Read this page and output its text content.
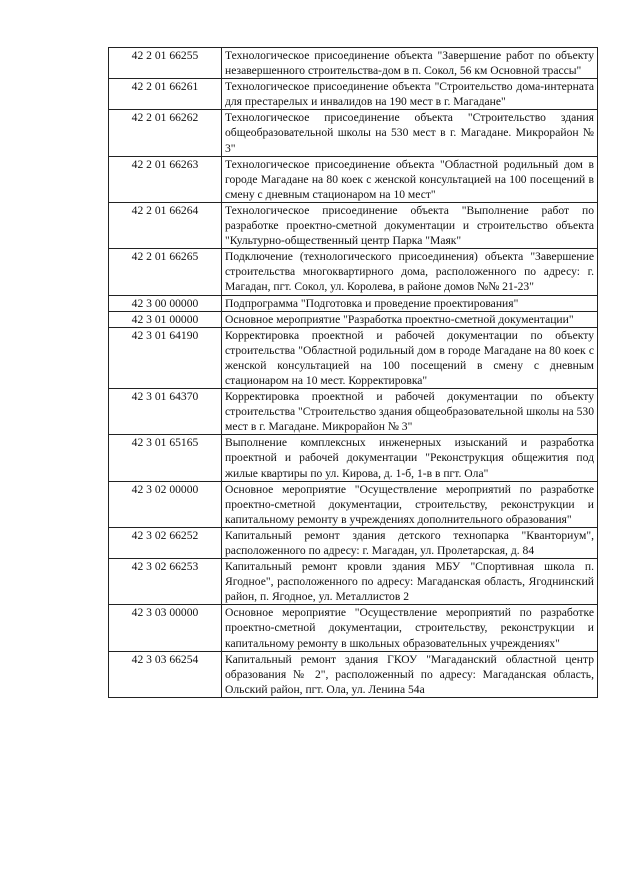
42 2 01 66255	Технологическое присоединение объекта "Завершение работ по объекту незавершенного строительства-дом в п. Сокол, 56 км Основной трассы"
42 2 01 66261	Технологическое присоединение объекта "Строительство дома-интерната для престарелых и инвалидов на 190 мест в г. Магадане"
42 2 01 66262	Технологическое присоединение объекта "Строительство здания общеобразовательной школы на 530 мест в г. Магадане. Микрорайон № 3"
42 2 01 66263	Технологическое присоединение объекта "Областной родильный дом в городе Магадане на 80 коек с женской консультацией на 100 посещений в смену с дневным стационаром на 10 мест"
42 2 01 66264	Технологическое присоединение объекта "Выполнение работ по разработке проектно-сметной документации и строительство объекта "Культурно-общественный центр Парка "Маяк"
42 2 01 66265	Подключение (технологического присоединения) объекта "Завершение строительства многоквартирного дома, расположенного по адресу: г. Магадан, пгт. Сокол, ул. Королева, в районе домов №№ 21-23"
42 3 00 00000	Подпрограмма "Подготовка и проведение проектирования"
42 3 01 00000	Основное мероприятие "Разработка проектно-сметной документации"
42 3 01 64190	Корректировка проектной и рабочей документации по объекту строительства "Областной родильный дом в городе Магадане на 80 коек с женской консультацией на 100 посещений в смену с дневным стационаром на 10 мест. Корректировка"
42 3 01 64370	Корректировка проектной и рабочей документации по объекту строительства "Строительство здания общеобразовательной школы на 530 мест в г. Магадане. Микрорайон № 3"
42 3 01 65165	Выполнение комплексных инженерных изысканий и разработка проектной и рабочей документации "Реконструкция общежития под жилые квартиры по ул. Кирова, д. 1-б, 1-в в пгт. Ола"
42 3 02 00000	Основное мероприятие "Осуществление мероприятий по разработке проектно-сметной документации, строительству, реконструкции и капитальному ремонту в учреждениях дополнительного образования"
42 3 02 66252	Капитальный ремонт здания детского технопарка "Кванториум", расположенного по адресу: г. Магадан, ул. Пролетарская, д. 84
42 3 02 66253	Капитальный ремонт кровли здания МБУ "Спортивная школа п. Ягодное", расположенного по адресу: Магаданская область, Ягоднинский район, п. Ягодное, ул. Металлистов 2
42 3 03 00000	Основное мероприятие "Осуществление мероприятий по разработке проектно-сметной документации, строительству, реконструкции и капитальному ремонту в школьных образовательных учреждениях"
42 3 03 66254	Капитальный ремонт здания ГКОУ "Магаданский областной центр образования № 2", расположенный по адресу: Магаданская область, Ольский район, пгт. Ола, ул. Ленина 54а
